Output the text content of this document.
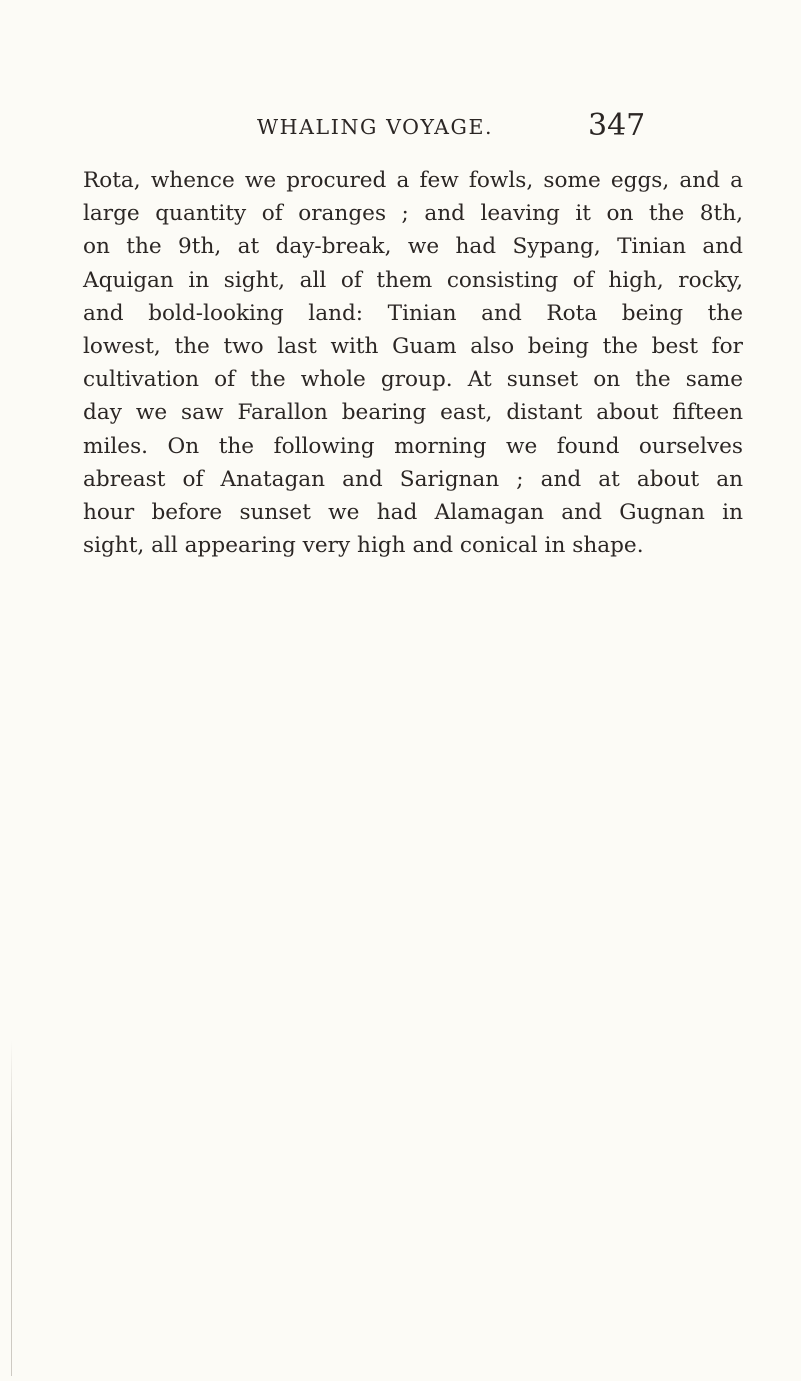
WHALING VOYAGE.	347
Rota, whence we procured a few fowls, some eggs, and a
large quantity of oranges ; and leaving it on the 8th,
on the 9th, at day-break, we had Sypang, Tinian and
Aquigan in sight, all of them consisting of high, rocky,
and bold-looking land: Tinian and Rota being the
lowest, the two last with Guam also being the best for
cultivation of the whole group. At sunset on the same
day we saw Farallon bearing east, distant about fifteen
miles. On the following morning we found ourselves
abreast of Anatagan and Sarignan ; and at about an
hour before sunset we had Alamagan and Gugnan in
sight, all appearing very high and conical in shape.
